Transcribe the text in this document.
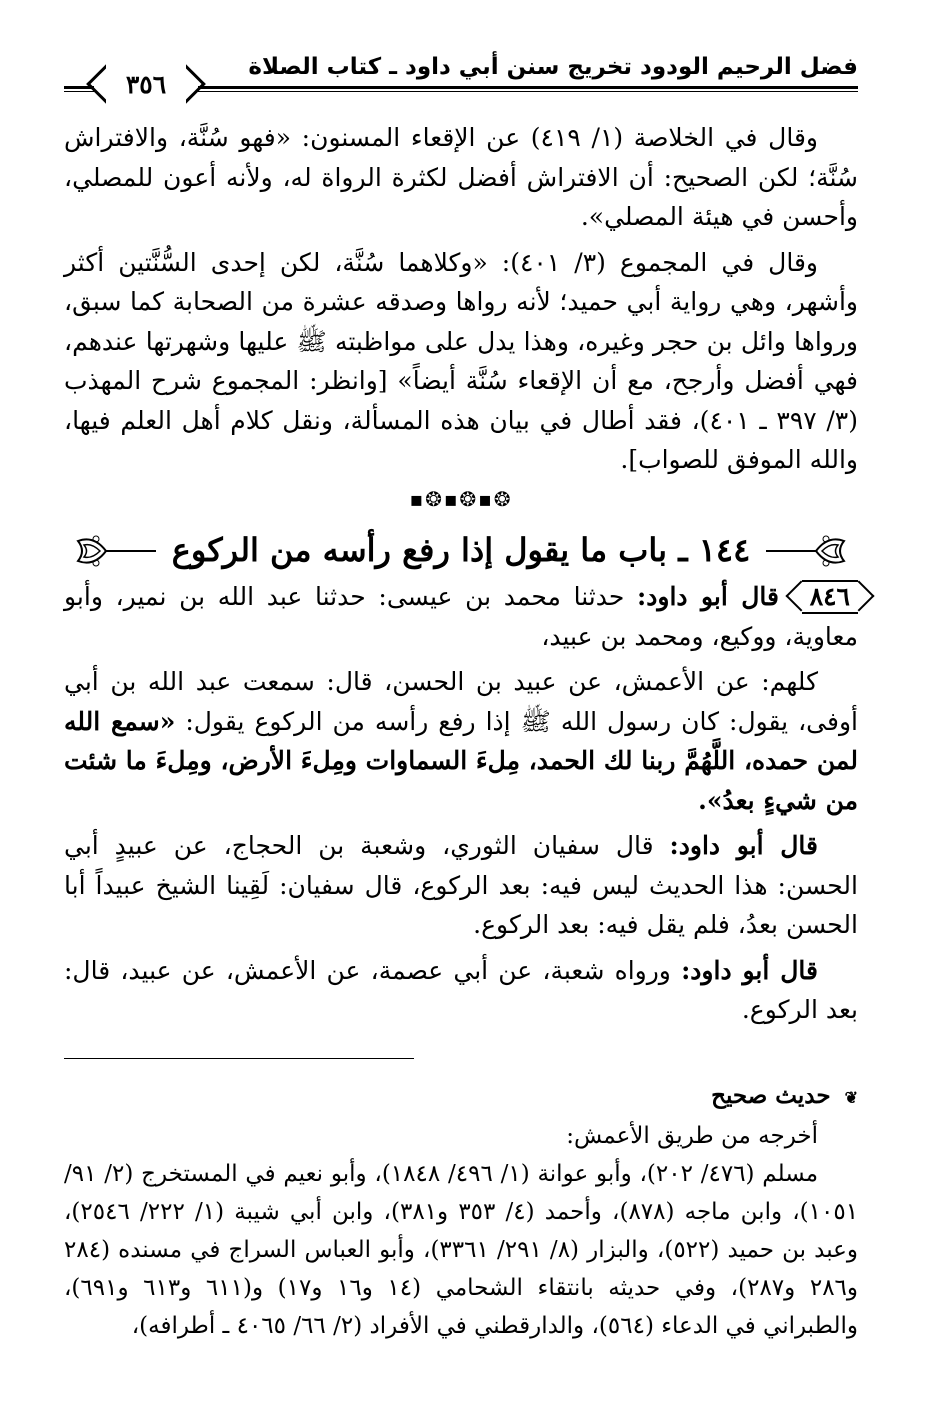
فضل الرحيم الودود تخريج سنن أبي داود ـ كتاب الصلاة
٣٥٦

وقال في الخلاصة (١/ ٤١٩) عن الإقعاء المسنون: «فهو سُنَّة، والافتراش سُنَّة؛ لكن الصحيح: أن الافتراش أفضل لكثرة الرواة له، ولأنه أعون للمصلي، وأحسن في هيئة المصلي».

وقال في المجموع (٣/ ٤٠١): «وكلاهما سُنَّة، لكن إحدى السُّنَّتين أكثر وأشهر، وهي رواية أبي حميد؛ لأنه رواها وصدقه عشرة من الصحابة كما سبق، ورواها وائل بن حجر وغيره، وهذا يدل على مواظبته ﷺ عليها وشهرتها عندهم، فهي أفضل وأرجح، مع أن الإقعاء سُنَّة أيضاً» [وانظر: المجموع شرح المهذب (٣/ ٣٩٧ ـ ٤٠١)، فقد أطال في بيان هذه المسألة، ونقل كلام أهل العلم فيها، والله الموفق للصواب].

❂▪❂▪❂▪
١٤٤ ـ باب ما يقول إذا رفع رأسه من الركوع

٨٤٦ قال أبو داود: حدثنا محمد بن عيسى: حدثنا عبد الله بن نمير، وأبو معاوية، ووكيع، ومحمد بن عبيد،

كلهم: عن الأعمش، عن عبيد بن الحسن، قال: سمعت عبد الله بن أبي أوفى، يقول: كان رسول الله ﷺ إذا رفع رأسه من الركوع يقول: «سمع الله لمن حمده، اللَّهُمَّ ربنا لك الحمد، مِلءَ السماوات ومِلءَ الأرض، ومِلءَ ما شئت من شيءٍ بعدُ».

قال أبو داود: قال سفيان الثوري، وشعبة بن الحجاج، عن عبيدٍ أبي الحسن: هذا الحديث ليس فيه: بعد الركوع، قال سفيان: لَقِينا الشيخ عبيداً أبا الحسن بعدُ، فلم يقل فيه: بعد الركوع.

قال أبو داود: ورواه شعبة، عن أبي عصمة، عن الأعمش، عن عبيد، قال: بعد الركوع.

❦ حديث صحيح

أخرجه من طريق الأعمش:

مسلم (٤٧٦/ ٢٠٢)، وأبو عوانة (١/ ٤٩٦/ ١٨٤٨)، وأبو نعيم في المستخرج (٢/ ٩١/ ١٠٥١)، وابن ماجه (٨٧٨)، وأحمد (٤/ ٣٥٣ و٣٨١)، وابن أبي شيبة (١/ ٢٢٢/ ٢٥٤٦)، وعبد بن حميد (٥٢٢)، والبزار (٨/ ٢٩١/ ٣٣٦١)، وأبو العباس السراج في مسنده (٢٨٤ و٢٨٦ و٢٨٧)، وفي حديثه بانتقاء الشحامي (١٤ و١٦ و١٧) و(٦١١ و٦١٣ و٦٩١)، والطبراني في الدعاء (٥٦٤)، والدارقطني في الأفراد (٢/ ٦٦/ ٤٠٦٥ ـ أطرافه)،
